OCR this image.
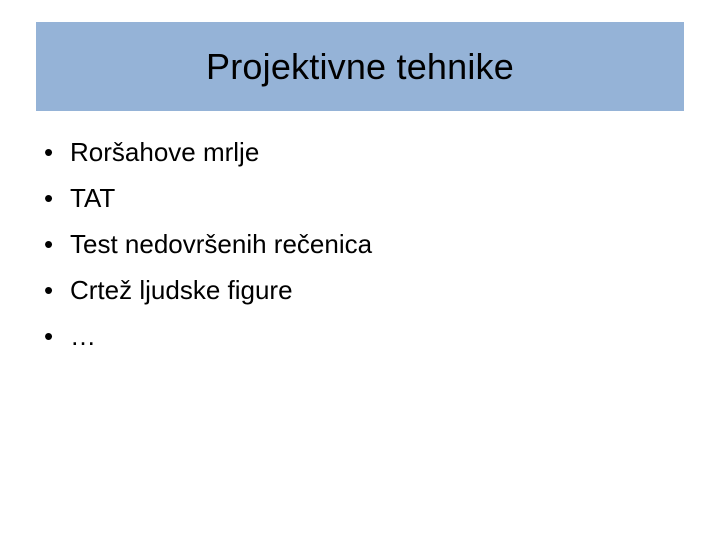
Projektivne tehnike
• Roršahove mrlje
• TAT
• Test nedovršenih rečenica
• Crtež ljudske figure
• …
